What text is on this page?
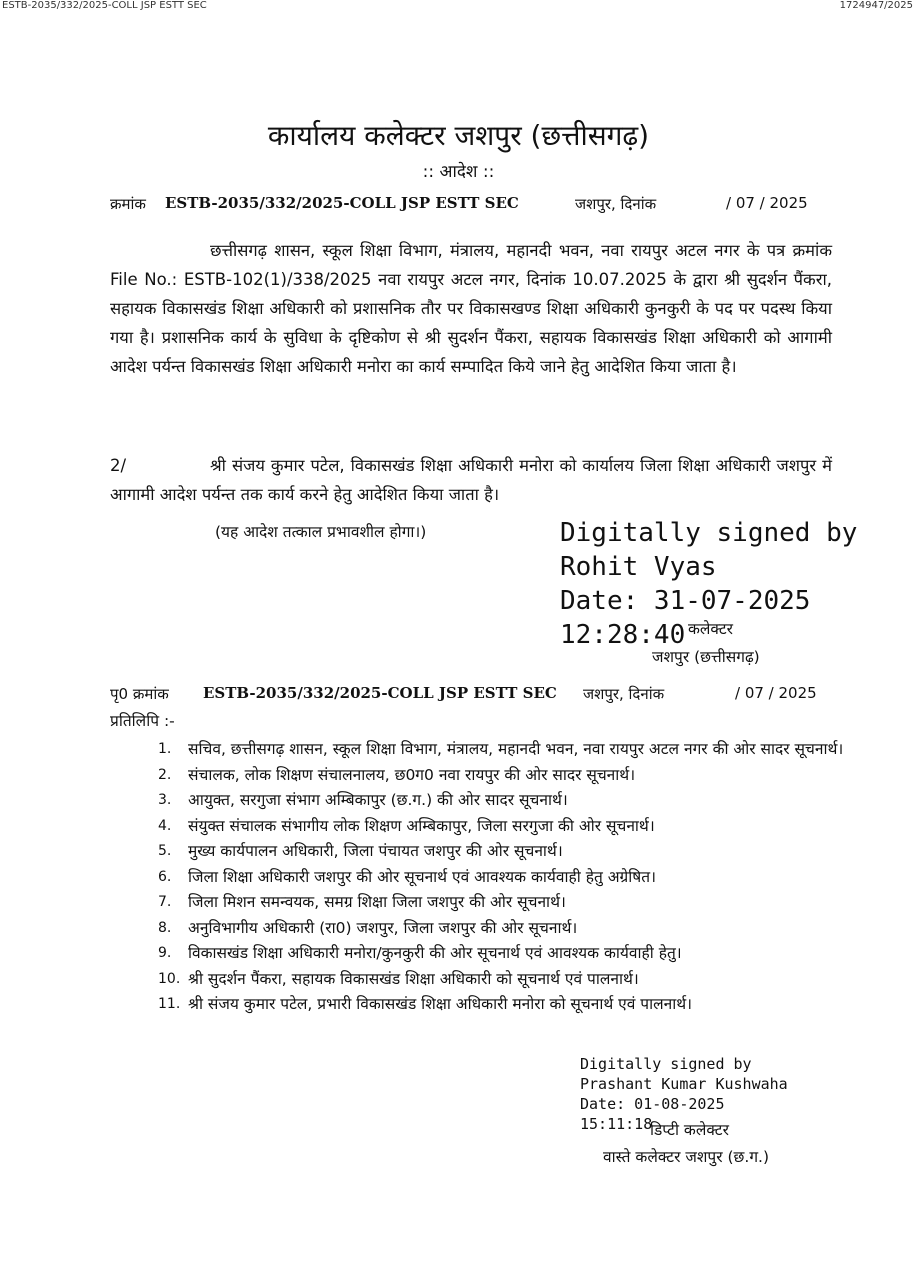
ESTB-2035/332/2025-COLL JSP ESTT SEC	1724947/2025
कार्यालय कलेक्टर जशपुर (छत्तीसगढ़)
:: आदेश ::
क्रमांक ESTB-2035/332/2025-COLL JSP ESTT SEC	जशपुर, दिनांक	/ 07 / 2025
छत्तीसगढ़ शासन, स्कूल शिक्षा विभाग, मंत्रालय, महानदी भवन, नवा रायपुर अटल नगर के पत्र क्रमांक File No.: ESTB-102(1)/338/2025 नवा रायपुर अटल नगर, दिनांक 10.07.2025 के द्वारा श्री सुदर्शन पैंकरा, सहायक विकासखंड शिक्षा अधिकारी को प्रशासनिक तौर पर विकासखण्ड शिक्षा अधिकारी कुनकुरी के पद पर पदस्थ किया गया है। प्रशासनिक कार्य के सुविधा के दृष्टिकोण से श्री सुदर्शन पैंकरा, सहायक विकासखंड शिक्षा अधिकारी को आगामी आदेश पर्यन्त विकासखंड शिक्षा अधिकारी मनोरा का कार्य सम्पादित किये जाने हेतु आदेशित किया जाता है।
2/	श्री संजय कुमार पटेल, विकासखंड शिक्षा अधिकारी मनोरा को कार्यालय जिला शिक्षा अधिकारी जशपुर में आगामी आदेश पर्यन्त तक कार्य करने हेतु आदेशित किया जाता है।
(यह आदेश तत्काल प्रभावशील होगा।)	Digitally signed by
Rohit Vyas
Date: 31-07-2025
12:28:40 कलेक्टर
जशपुर (छत्तीसगढ़)
पृ0 क्रमांक ESTB-2035/332/2025-COLL JSP ESTT SEC जशपुर, दिनांक	/ 07 / 2025
प्रतिलिपि :-
1. सचिव, छत्तीसगढ़ शासन, स्कूल शिक्षा विभाग, मंत्रालय, महानदी भवन, नवा रायपुर अटल नगर की ओर सादर सूचनार्थ।
2. संचालक, लोक शिक्षण संचालनालय, छ0ग0 नवा रायपुर की ओर सादर सूचनार्थ।
3. आयुक्त, सरगुजा संभाग अम्बिकापुर (छ.ग.) की ओर सादर सूचनार्थ।
4. संयुक्त संचालक संभागीय लोक शिक्षण अम्बिकापुर, जिला सरगुजा की ओर सूचनार्थ।
5. मुख्य कार्यपालन अधिकारी, जिला पंचायत जशपुर की ओर सूचनार्थ।
6. जिला शिक्षा अधिकारी जशपुर की ओर सूचनार्थ एवं आवश्यक कार्यवाही हेतु अग्रेषित।
7. जिला मिशन समन्वयक, समग्र शिक्षा जिला जशपुर की ओर सूचनार्थ।
8. अनुविभागीय अधिकारी (रा0) जशपुर, जिला जशपुर की ओर सूचनार्थ।
9. विकासखंड शिक्षा अधिकारी मनोरा/कुनकुरी की ओर सूचनार्थ एवं आवश्यक कार्यवाही हेतु।
10. श्री सुदर्शन पैंकरा, सहायक विकासखंड शिक्षा अधिकारी को सूचनार्थ एवं पालनार्थ।
11. श्री संजय कुमार पटेल, प्रभारी विकासखंड शिक्षा अधिकारी मनोरा को सूचनार्थ एवं पालनार्थ।
Digitally signed by
Prashant Kumar Kushwaha
Date: 01-08-2025
15:11:18
डिप्टी कलेक्टर
वास्ते कलेक्टर जशपुर (छ.ग.)
